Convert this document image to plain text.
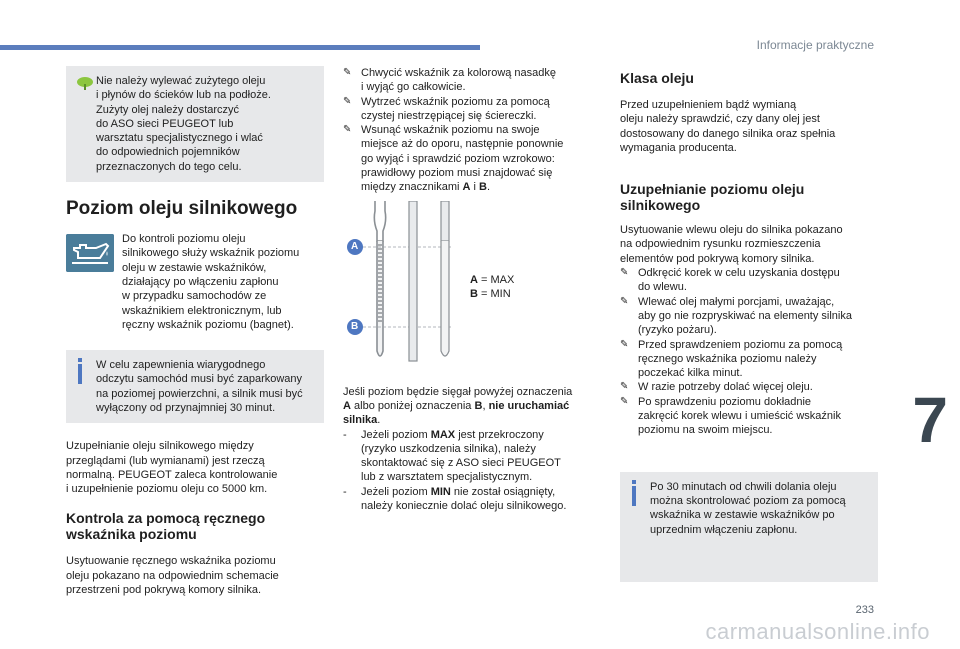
Informacje praktyczne
7
233
carmanualsonline.info

Nie należy wylewać zużytego oleju

i płynów do ścieków lub na podłoże.

Zużyty olej należy dostarczyć

do ASO sieci PEUGEOT lub

warsztatu specjalistycznego i wlać

do odpowiednich pojemników

przeznaczonych do tego celu.

Poziom oleju silnikowego

Do kontroli poziomu oleju

silnikowego służy wskaźnik poziomu

oleju w zestawie wskaźników,

działający po włączeniu zapłonu

w przypadku samochodów ze

wskaźnikiem elektronicznym, lub

ręczny wskaźnik poziomu (bagnet).

W celu zapewnienia wiarygodnego

odczytu samochód musi być zaparkowany

na poziomej powierzchni, a silnik musi być

wyłączony od przynajmniej 30 minut.

Uzupełnianie oleju silnikowego między

przeglądami (lub wymianami) jest rzeczą

normalną. PEUGEOT zaleca kontrolowanie

i uzupełnienie poziomu oleju co 5000 km.

Kontrola za pomocą ręcznego wskaźnika poziomu

Usytuowanie ręcznego wskaźnika poziomu

oleju pokazano na odpowiednim schemacie

przestrzeni pod pokrywą komory silnika.

✎ Chwycić wskaźnik za kolorową nasadkę
i wyjąć go całkowicie.
✎ Wytrzeć wskaźnik poziomu za pomocą
czystej niestrzępiącej się ściereczki.
✎ Wsunąć wskaźnik poziomu na swoje
miejsce aż do oporu, następnie ponownie
go wyjąć i sprawdzić poziom wzrokowo:
prawidłowy poziom musi znajdować się
między znacznikami A i B.
A
B
A = MAX
B = MIN
Jeśli poziom będzie sięgał powyżej oznaczenia
A albo poniżej oznaczenia B, nie uruchamiać
silnika.
- Jeżeli poziom MAX jest przekroczony
(ryzyko uszkodzenia silnika), należy
skontaktować się z ASO sieci PEUGEOT
lub z warsztatem specjalistycznym.
- Jeżeli poziom MIN nie został osiągnięty,
należy koniecznie dolać oleju silnikowego.
Klasa oleju

Przed uzupełnieniem bądź wymianą

oleju należy sprawdzić, czy dany olej jest

dostosowany do danego silnika oraz spełnia

wymagania producenta.

Uzupełnianie poziomu oleju silnikowego

Usytuowanie wlewu oleju do silnika pokazano

na odpowiednim rysunku rozmieszczenia

elementów pod pokrywą komory silnika.

✎ Odkręcić korek w celu uzyskania dostępu
do wlewu.
✎ Wlewać olej małymi porcjami, uważając,
aby go nie rozpryskiwać na elementy silnika
(ryzyko pożaru).
✎ Przed sprawdzeniem poziomu za pomocą
ręcznego wskaźnika poziomu należy
poczekać kilka minut.
✎ W razie potrzeby dolać więcej oleju.
✎ Po sprawdzeniu poziomu dokładnie
zakręcić korek wlewu i umieścić wskaźnik
poziomu na swoim miejscu.

Po 30 minutach od chwili dolania oleju

można skontrolować poziom za pomocą

wskaźnika w zestawie wskaźników po

uprzednim włączeniu zapłonu.
